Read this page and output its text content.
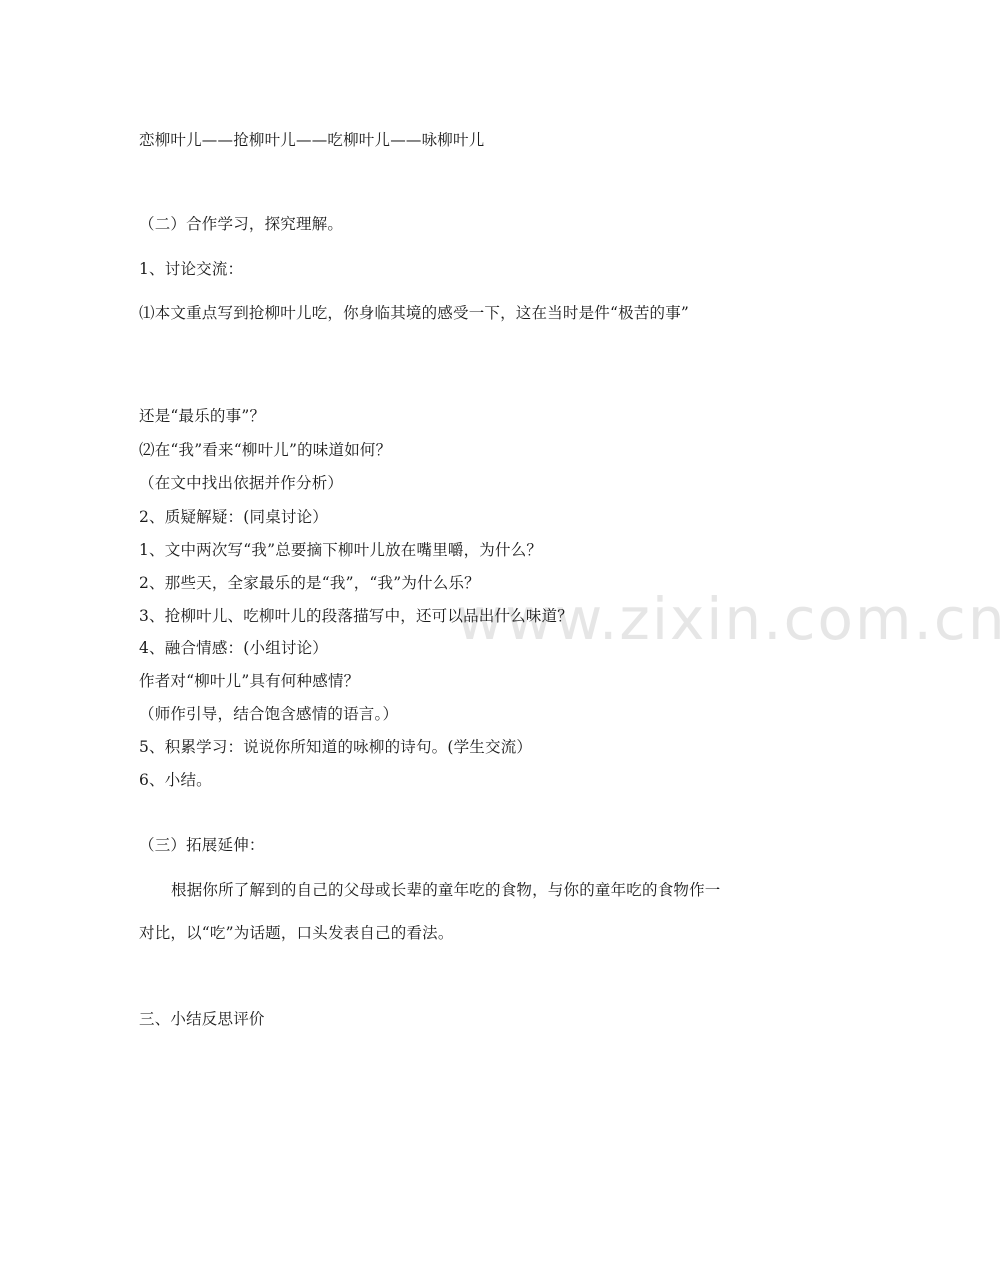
www.zixin.com.cn
恋柳叶儿——抢柳叶儿——吃柳叶儿——咏柳叶儿
（二）合作学习，探究理解。
1、讨论交流：
⑴本文重点写到抢柳叶儿吃，你身临其境的感受一下，这在当时是件“极苦的事”
还是“最乐的事”？
⑵在“我”看来“柳叶儿”的味道如何？
（在文中找出依据并作分析）
2、质疑解疑：(同桌讨论）
1、文中两次写“我”总要摘下柳叶儿放在嘴里嚼，为什么？
2、那些天，全家最乐的是“我”，“我”为什么乐？
3、抢柳叶儿、吃柳叶儿的段落描写中，还可以品出什么味道？
4、融合情感：(小组讨论）
作者对“柳叶儿”具有何种感情？
（师作引导，结合饱含感情的语言。）
5、积累学习：说说你所知道的咏柳的诗句。(学生交流）
6、小结。
（三）拓展延伸：
根据你所了解到的自己的父母或长辈的童年吃的食物，与你的童年吃的食物作一
对比，以“吃”为话题，口头发表自己的看法。
三、小结反思评价
